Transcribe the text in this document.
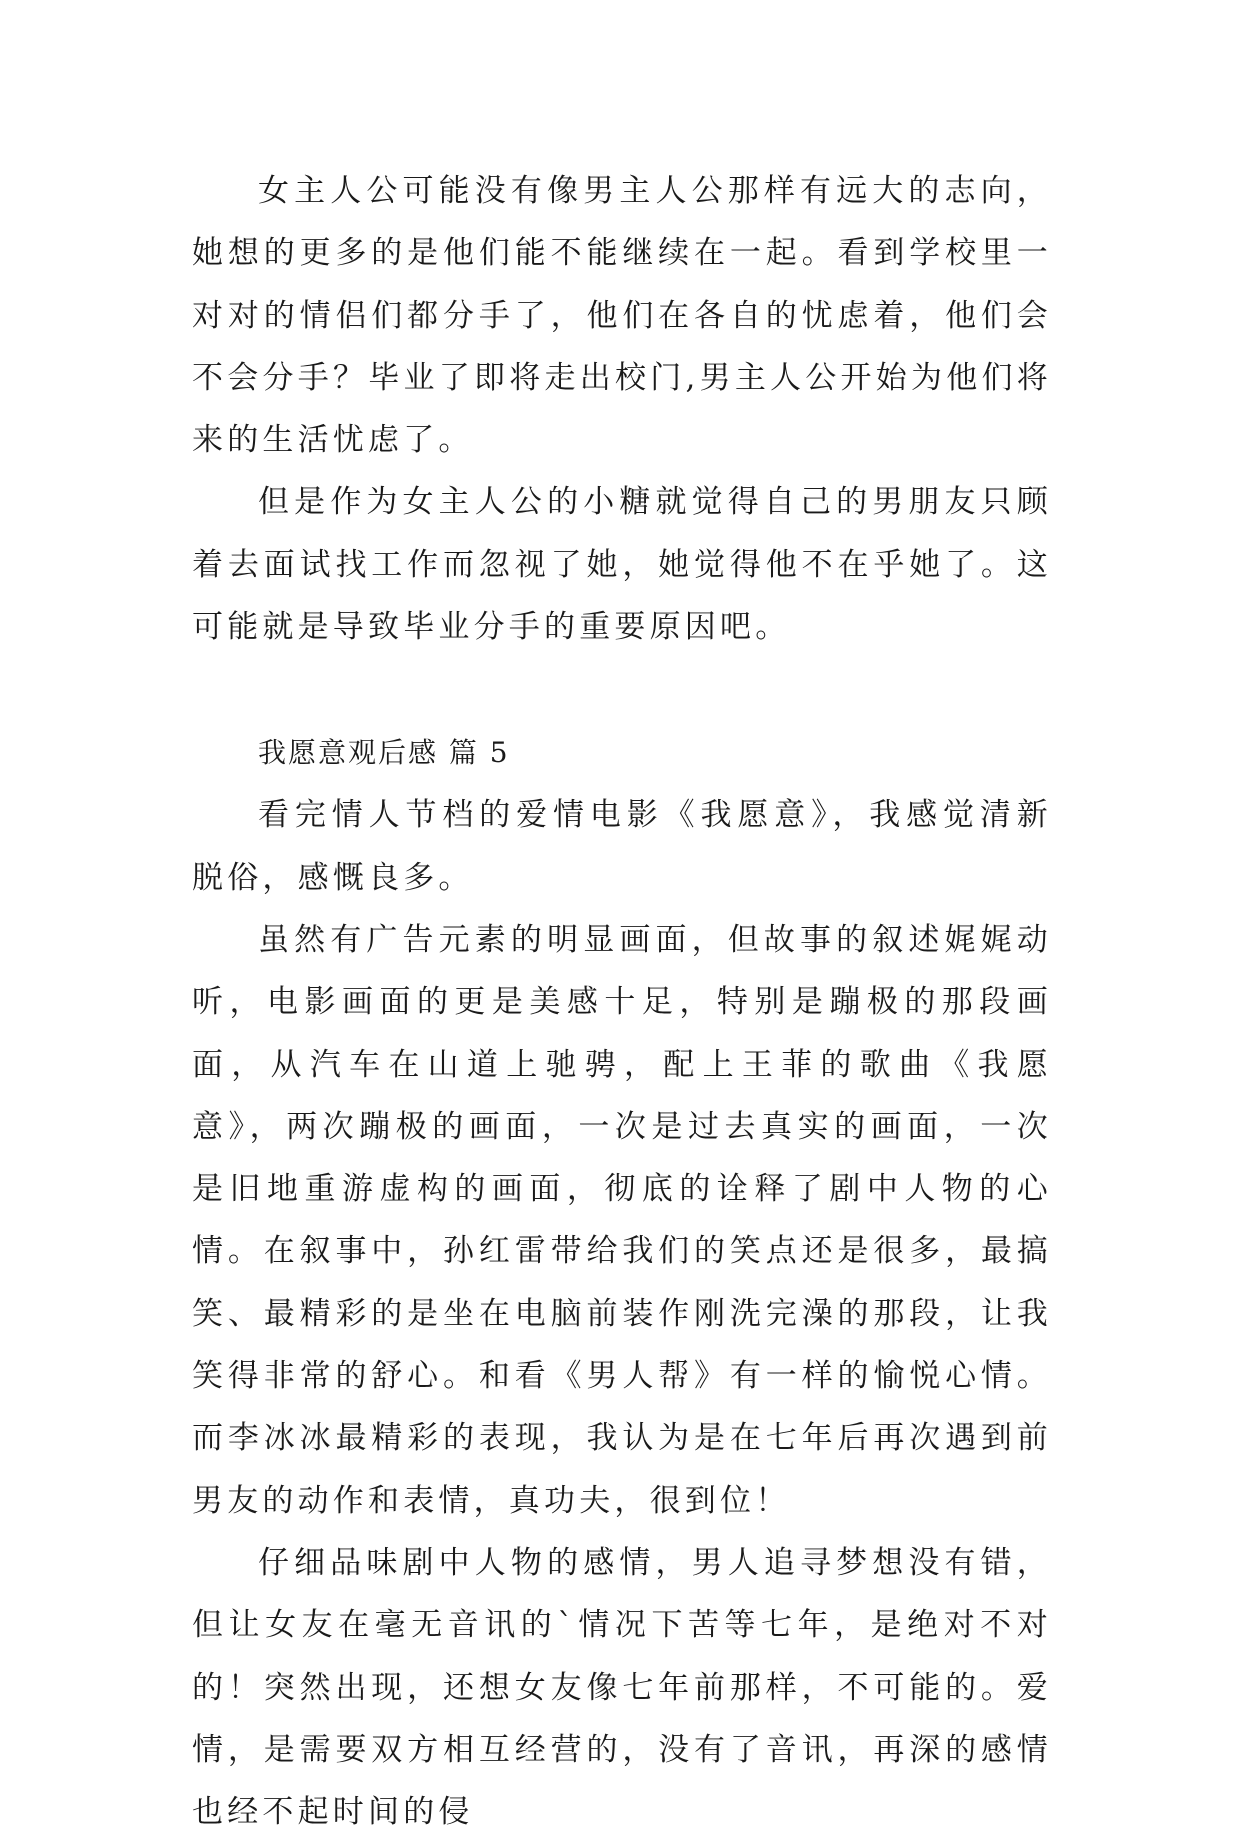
女主人公可能没有像男主人公那样有远大的志向，她想的更多的是他们能不能继续在一起。看到学校里一对对的情侣们都分手了，他们在各自的忧虑着，他们会不会分手？毕业了即将走出校门,男主人公开始为他们将来的生活忧虑了。

但是作为女主人公的小糖就觉得自己的男朋友只顾着去面试找工作而忽视了她，她觉得他不在乎她了。这可能就是导致毕业分手的重要原因吧。

我愿意观后感 篇 5

看完情人节档的爱情电影《我愿意》，我感觉清新脱俗，感慨良多。

虽然有广告元素的明显画面，但故事的叙述娓娓动听，电影画面的更是美感十足，特别是蹦极的那段画面，从汽车在山道上驰骋，配上王菲的歌曲《我愿意》，两次蹦极的画面，一次是过去真实的画面，一次是旧地重游虚构的画面，彻底的诠释了剧中人物的心情。在叙事中，孙红雷带给我们的笑点还是很多，最搞笑、最精彩的是坐在电脑前装作刚洗完澡的那段，让我笑得非常的舒心。和看《男人帮》有一样的愉悦心情。而李冰冰最精彩的表现，我认为是在七年后再次遇到前男友的动作和表情，真功夫，很到位！

仔细品味剧中人物的感情，男人追寻梦想没有错，但让女友在毫无音讯的`情况下苦等七年，是绝对不对的！突然出现，还想女友像七年前那样，不可能的。爱情，是需要双方相互经营的，没有了音讯，再深的感情也经不起时间的侵
